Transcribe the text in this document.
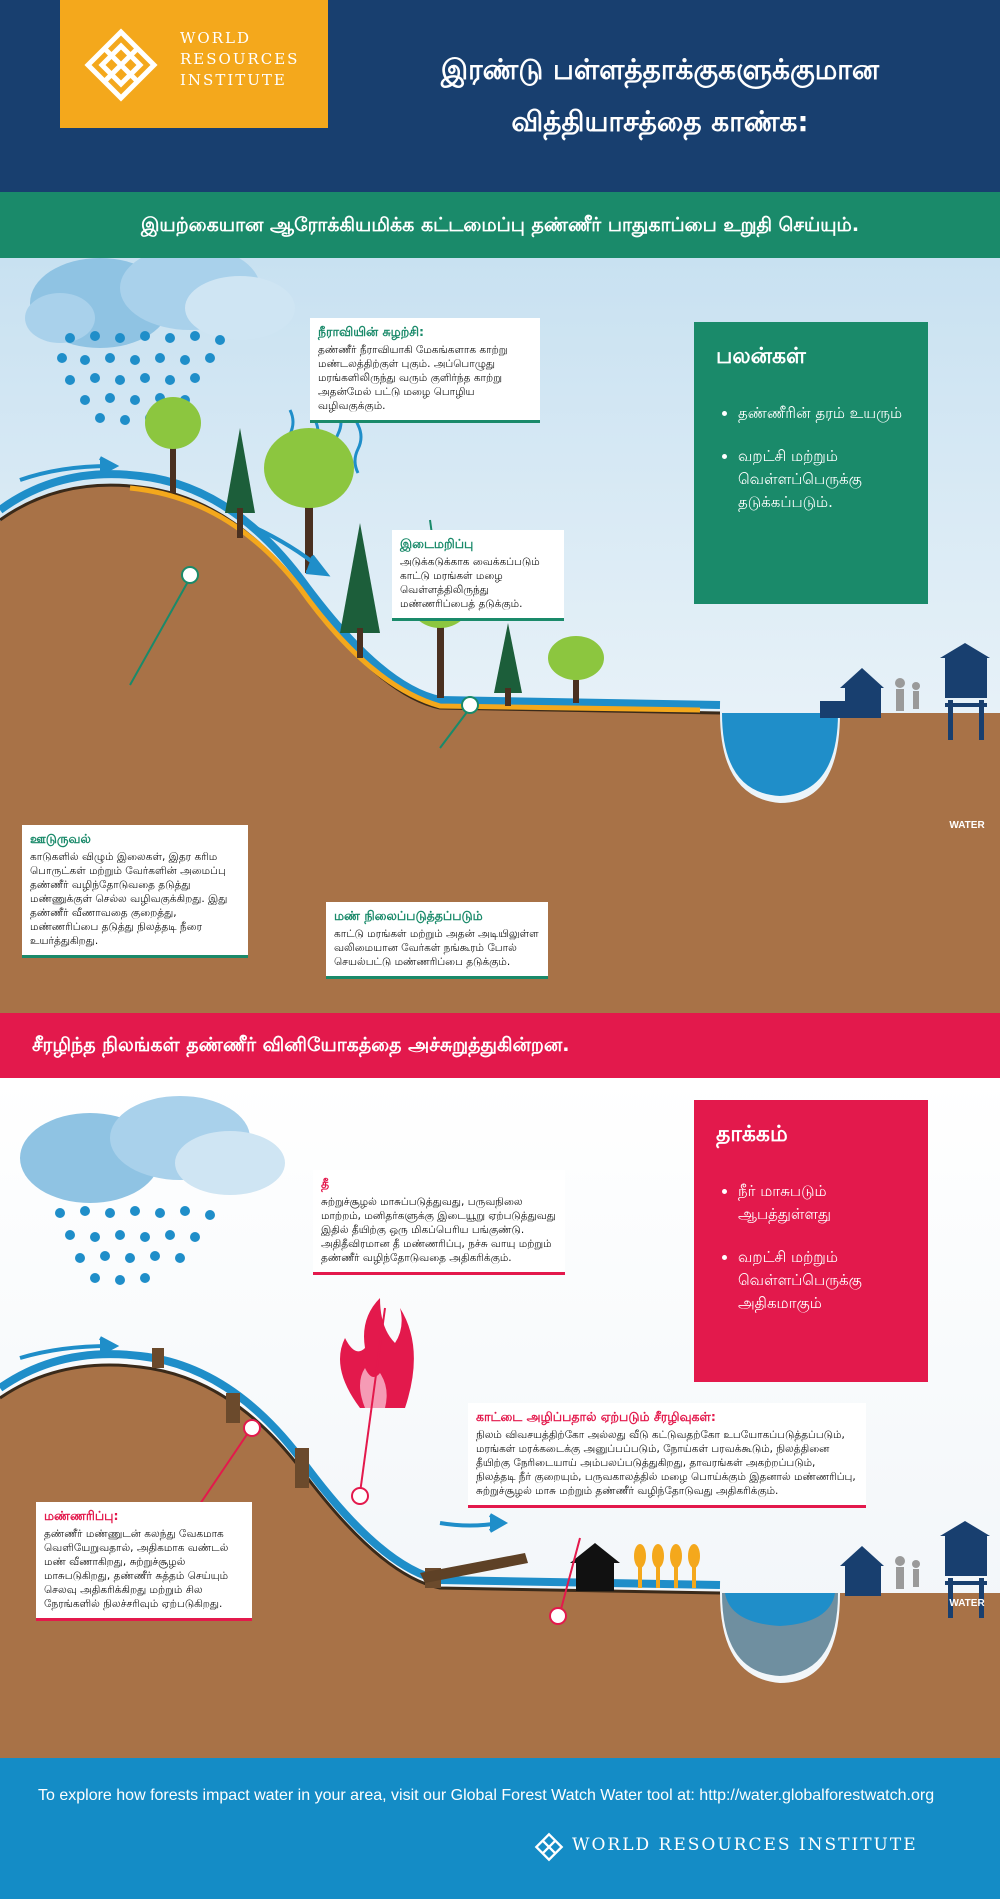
WORLD
RESOURCES
INSTITUTE	இரண்டு பள்ளத்தாக்குகளுக்குமான
வித்தியாசத்தை காண்க:
இயற்கையான ஆரோக்கியமிக்க கட்டமைப்பு தண்ணீர் பாதுகாப்பை உறுதி செய்யும்.
WATER
நீராவியின் சுழற்சி:
தண்ணீர் நீராவியாகி மேகங்களாக காற்று மண்டலத்திற்குள் புகும். அப்பொழுது மரங்களிலிருந்து வரும் குளிர்ந்த காற்று அதன்மேல் பட்டு மழை பொழிய வழிவகுக்கும்.
இடைமறிப்பு
அடுக்கடுக்காக வைக்கப்படும் காட்டு மரங்கள் மழை வெள்ளத்திலிருந்து மண்ணரிப்பைத் தடுக்கும்.
ஊடுருவல்
காடுகளில் விழும் இலைகள், இதர கரிம பொருட்கள் மற்றும் வேர்களின் அமைப்பு தண்ணீர் வழிந்தோடுவதை தடுத்து மண்ணுக்குள் செல்ல வழிவகுக்கிறது. இது தண்ணீர் வீணாவதை குறைத்து, மண்ணரிப்பை தடுத்து நிலத்தடி நீரை உயர்த்துகிறது.
மண் நிலைப்படுத்தப்படும்
காட்டு மரங்கள் மற்றும் அதன் அடியிலுள்ள வலிமையான வேர்கள் நங்கூரம் போல் செயல்பட்டு மண்ணரிப்பை தடுக்கும்.
பலன்கள்
• தண்ணீரின் தரம் உயரும்
• வறட்சி மற்றும் வெள்ளப்பெருக்கு தடுக்கப்படும்.
சீரழிந்த நிலங்கள் தண்ணீர் வினியோகத்தை அச்சுறுத்துகின்றன.
WATER
தீ
சுற்றுச்சூழல் மாசுப்படுத்துவது, பருவநிலை மாற்றம், மனிதர்களுக்கு இடையூறு ஏற்படுத்துவது இதில் தீயிற்கு ஒரு மிகப்பெரிய பங்குண்டு. அதிதீவிரமான தீ மண்ணரிப்பு, நச்சு வாயு மற்றும் தண்ணீர் வழிந்தோடுவதை அதிகரிக்கும்.
காட்டை அழிப்பதால் ஏற்படும் சீரழிவுகள்:
நிலம் விவசயத்திற்கோ அல்லது வீடு கட்டுவதற்கோ உபயோகப்படுத்தப்படும், மரங்கள் மரக்கடைக்கு அனுப்பப்படும், நோய்கள் பரவக்கூடும், நிலத்தினை தீயிற்கு நேரிடையாய் அம்பலப்படுத்துகிறது, தாவரங்கள் அகற்றப்படும், நிலத்தடி நீர் குறையும், பருவகாலத்தில் மழை பொய்க்கும் இதனால் மண்ணரிப்பு, சுற்றுச்சூழல் மாசு மற்றும் தண்ணீர் வழிந்தோடுவது அதிகரிக்கும்.
மண்ணரிப்பு:
தண்ணீர் மண்ணுடன் கலந்து வேகமாக வெளியேறுவதால், அதிகமாக வண்டல் மண் வீணாகிறது, சுற்றுச்சூழல் மாசுபடுகிறது, தண்ணீர் சுத்தம் செய்யும் செலவு அதிகரிக்கிறது மற்றும் சில நேரங்களில் நிலச்சரிவும் ஏற்படுகிறது.
தாக்கம்
• நீர் மாசுபடும் ஆபத்துள்ளது
• வறட்சி மற்றும் வெள்ளப்பெருக்கு அதிகமாகும்
To explore how forests impact water in your area, visit our Global Forest Watch Water tool at: http://water.globalforestwatch.org
WORLD RESOURCES INSTITUTE
